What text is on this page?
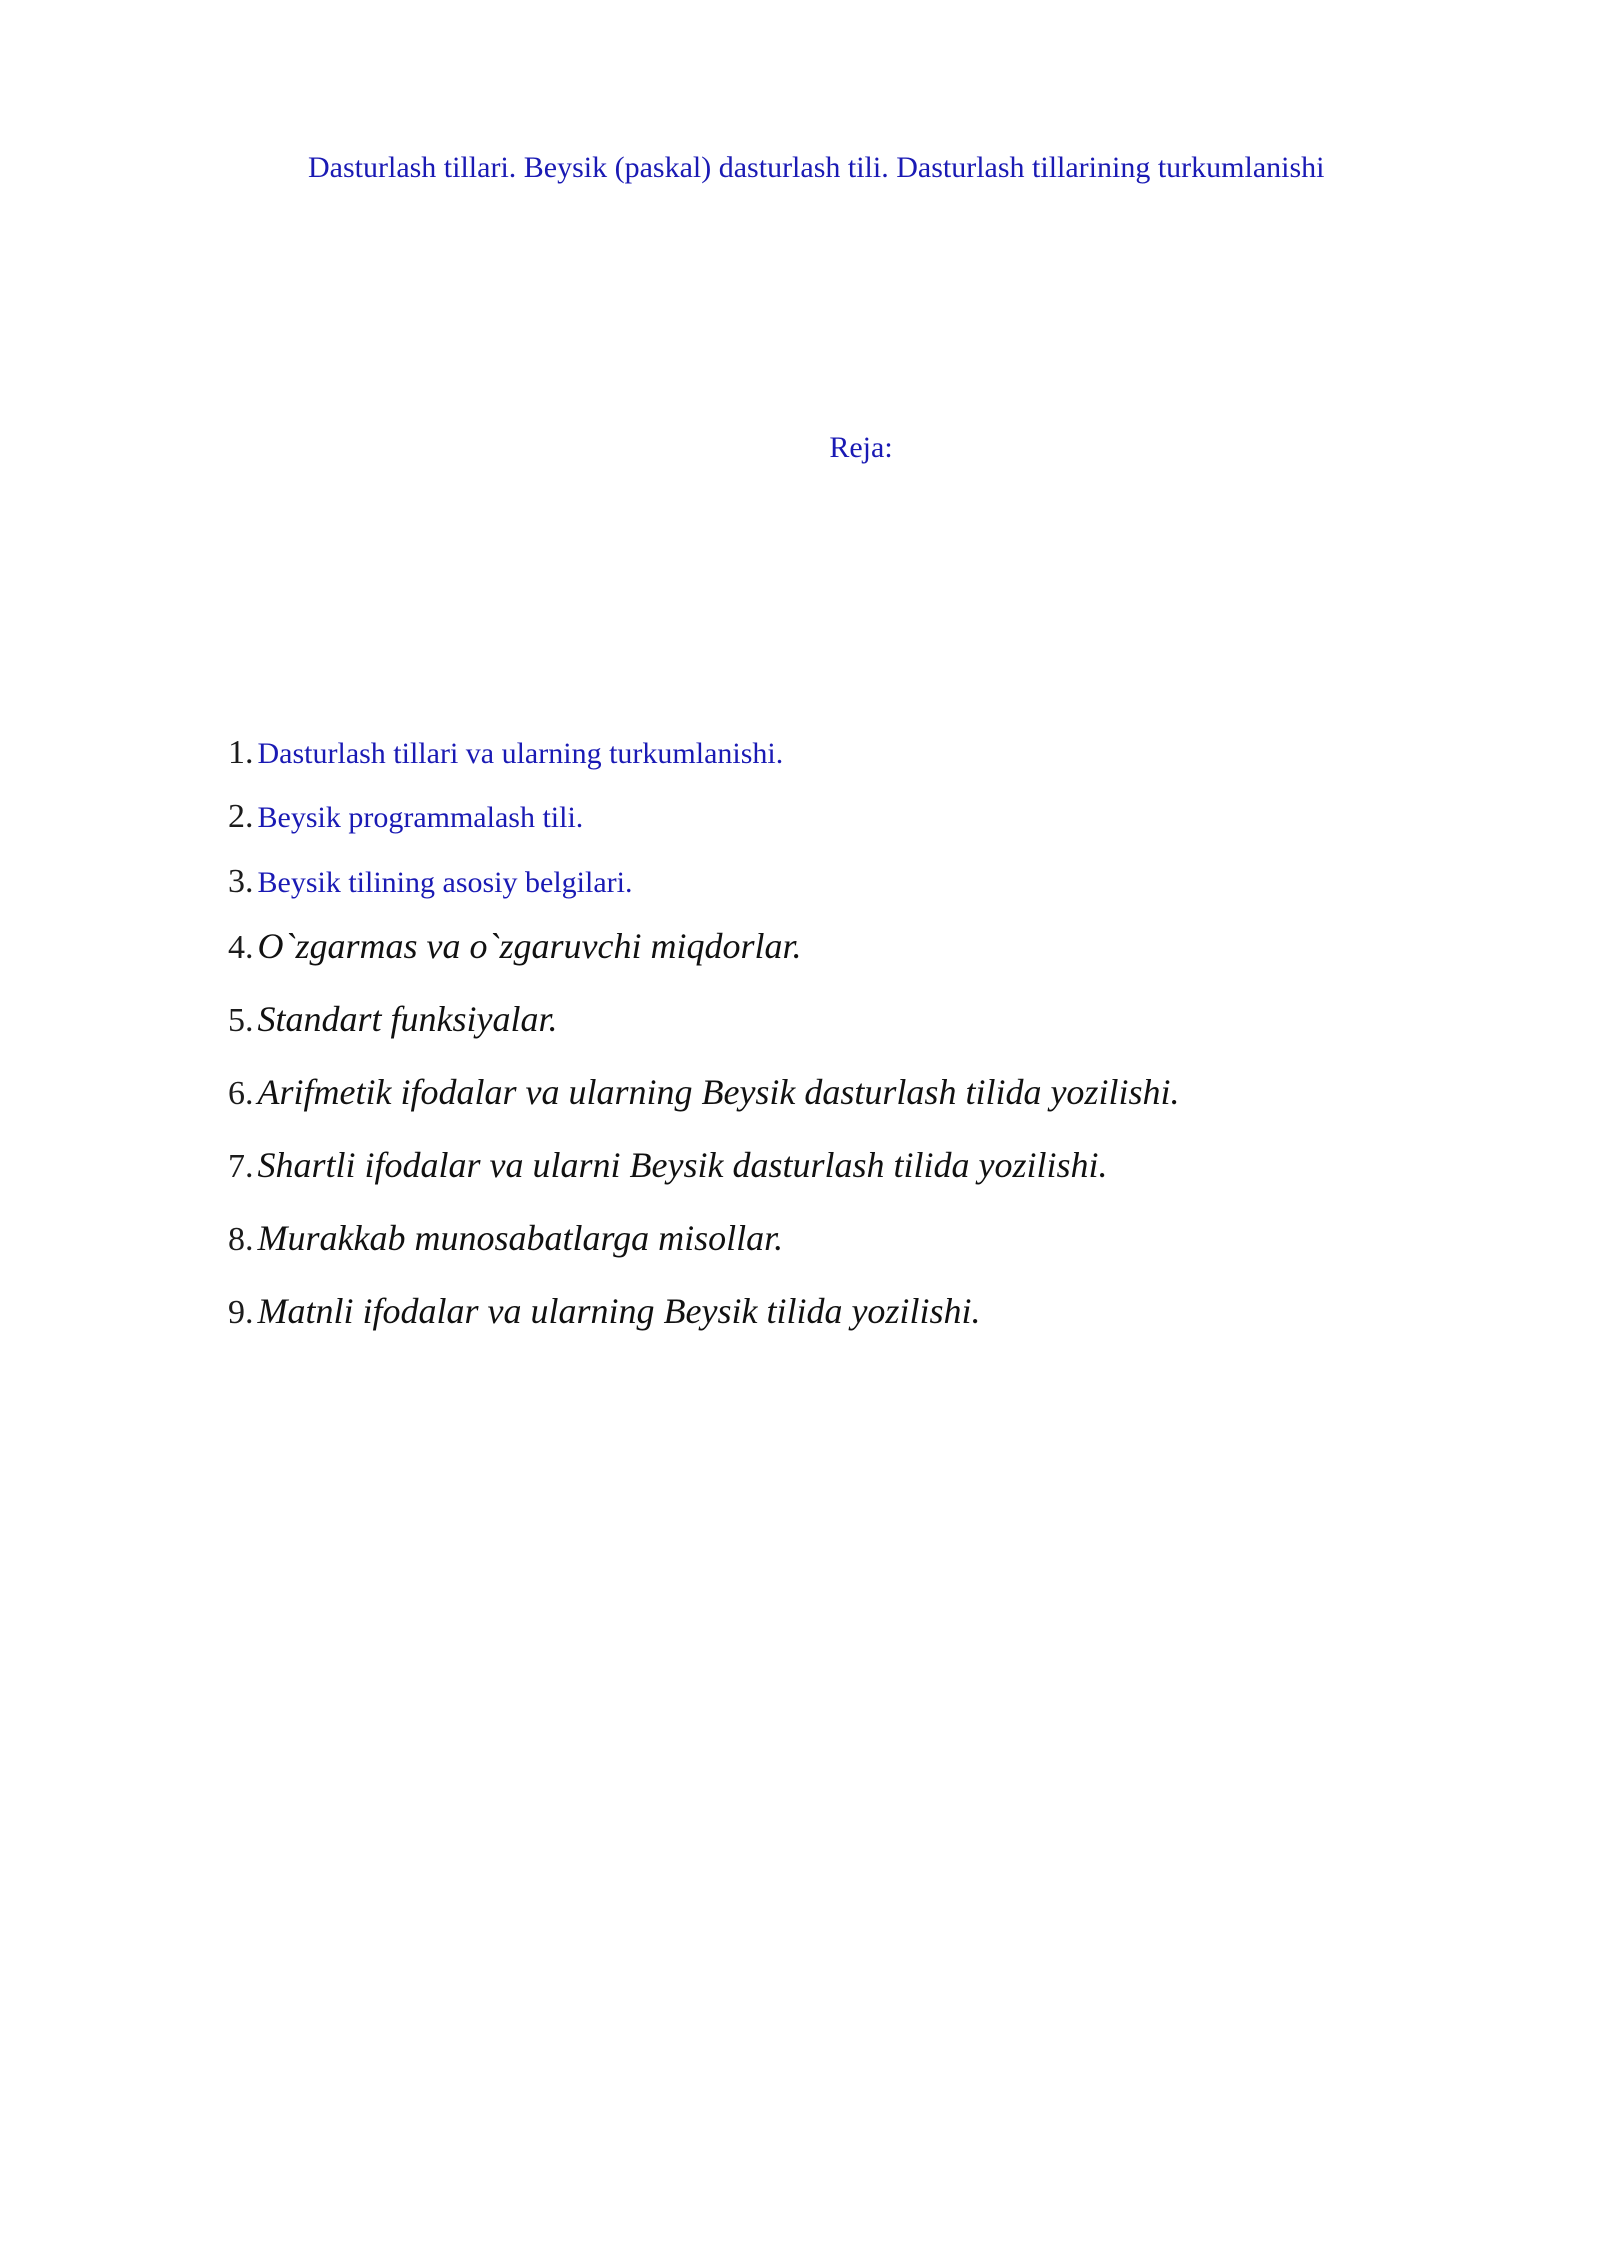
Dasturlash tillari. Beysik (paskal) dasturlash tili. Dasturlash tillarining turkumlanishi
Reja:
1. Dasturlash tillari va ularning turkumlanishi.
2. Beysik programmalash tili.
3. Beysik tilining asosiy belgilari.
4. O`zgarmas va o`zgaruvchi miqdorlar.
5. Standart funksiyalar.
6. Arifmetik ifodalar va ularning Beysik dasturlash tilida yozilishi.
7. Shartli ifodalar va ularni Beysik dasturlash tilida yozilishi.
8. Murakkab munosabatlarga misollar.
9. Matnli ifodalar va ularning Beysik tilida yozilishi.
